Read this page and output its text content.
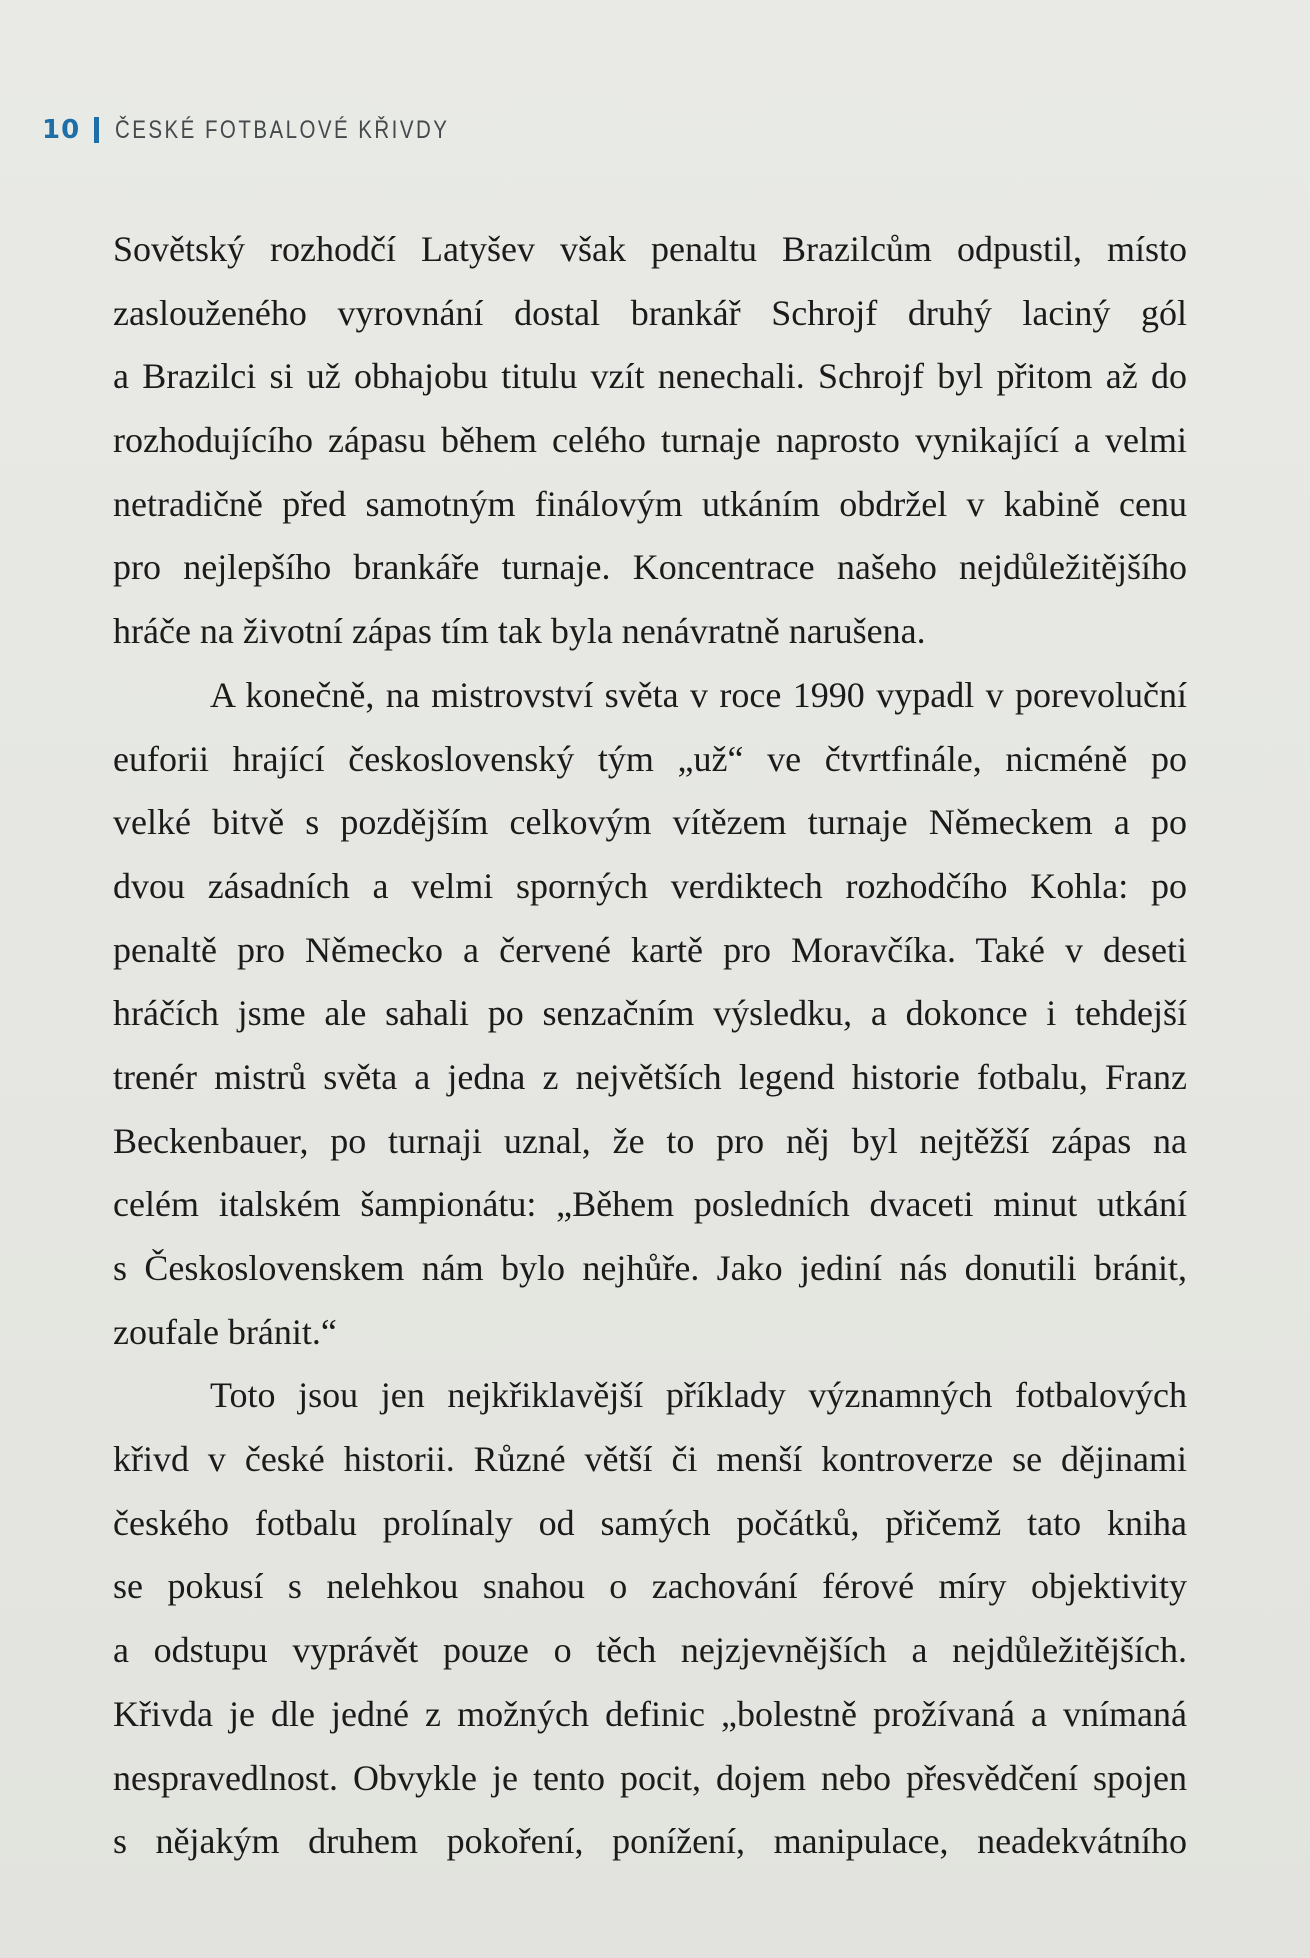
10 ČESKÉ FOTBALOVÉ KŘIVDY
Sovětský rozhodčí Latyšev však penaltu Brazilcům odpustil, místo
zaslouženého vyrovnání dostal brankář Schrojf druhý laciný gól
a Brazilci si už obhajobu titulu vzít nenechali. Schrojf byl přitom až do
rozhodujícího zápasu během celého turnaje naprosto vynikající a velmi
netradičně před samotným finálovým utkáním obdržel v kabině cenu
pro nejlepšího brankáře turnaje. Koncentrace našeho nejdůležitějšího
hráče na životní zápas tím tak byla nenávratně narušena.
A konečně, na mistrovství světa v roce 1990 vypadl v porevoluční
euforii hrající československý tým „už“ ve čtvrtfinále, nicméně po
velké bitvě s pozdějším celkovým vítězem turnaje Německem a po
dvou zásadních a velmi sporných verdiktech rozhodčího Kohla: po
penaltě pro Německo a červené kartě pro Moravčíka. Také v deseti
hráčích jsme ale sahali po senzačním výsledku, a dokonce i tehdejší
trenér mistrů světa a jedna z největších legend historie fotbalu, Franz
Beckenbauer, po turnaji uznal, že to pro něj byl nejtěžší zápas na
celém italském šampionátu: „Během posledních dvaceti minut utkání
s Československem nám bylo nejhůře. Jako jediní nás donutili bránit,
zoufale bránit.“
Toto jsou jen nejkřiklavější příklady významných fotbalových
křivd v české historii. Různé větší či menší kontroverze se dějinami
českého fotbalu prolínaly od samých počátků, přičemž tato kniha
se pokusí s nelehkou snahou o zachování férové míry objektivity
a odstupu vyprávět pouze o těch nejzjevnějších a nejdůležitějších.
Křivda je dle jedné z možných definic „bolestně prožívaná a vnímaná
nespravedlnost. Obvykle je tento pocit, dojem nebo přesvědčení spojen
s nějakým druhem pokoření, ponížení, manipulace, neadekvátního
